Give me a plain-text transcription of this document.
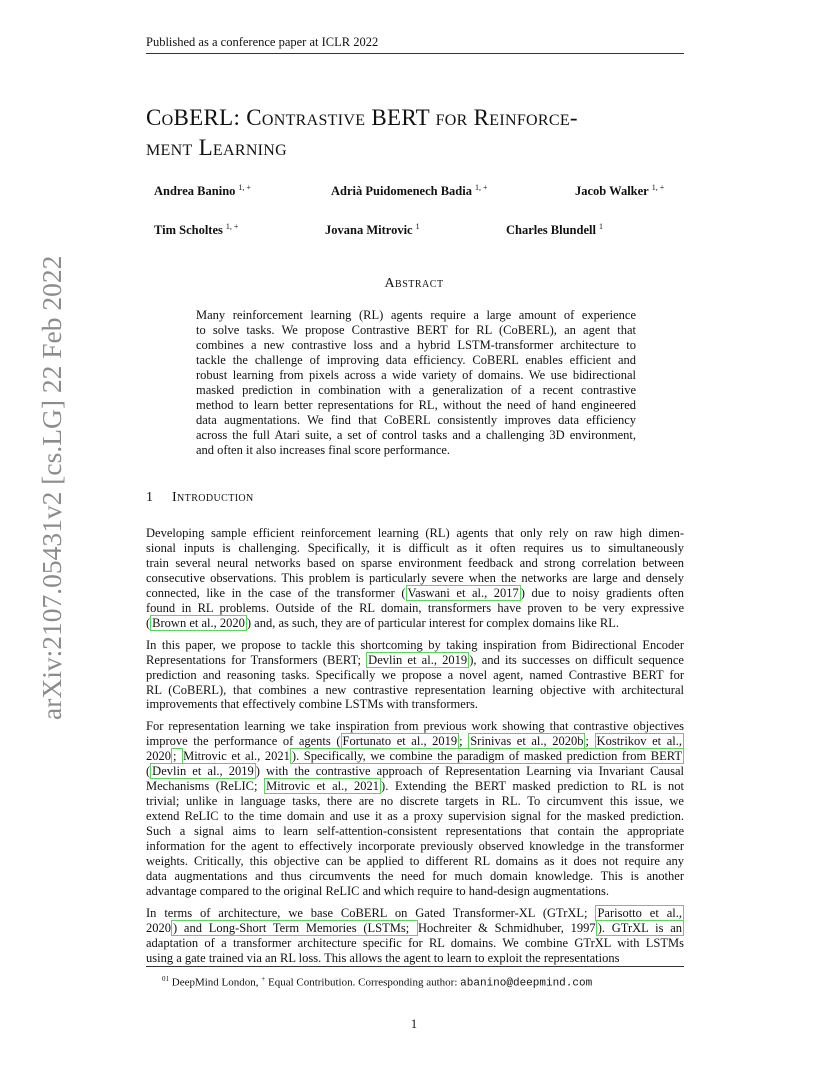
Published as a conference paper at ICLR 2022
arXiv:2107.05431v2 [cs.LG] 22 Feb 2022
CoBERL: Contrastive BERT for Reinforce-
ment Learning
Andrea Banino $^{1, +}$	Adrià Puidomenech Badia $^{1, +}$	Jacob Walker $^{1, +}$
Tim Scholtes $^{1, +}$	Jovana Mitrovic $^1$	Charles Blundell $^1$
Abstract
Many reinforcement learning (RL) agents require a large amount of experience
to solve tasks. We propose Contrastive BERT for RL (CoBERL), an agent that
combines a new contrastive loss and a hybrid LSTM-transformer architecture to
tackle the challenge of improving data efficiency. CoBERL enables efficient and
robust learning from pixels across a wide variety of domains. We use bidirectional
masked prediction in combination with a generalization of a recent contrastive
method to learn better representations for RL, without the need of hand engineered
data augmentations. We find that CoBERL consistently improves data efficiency
across the full Atari suite, a set of control tasks and a challenging 3D environment,
and often it also increases final score performance.
1 Introduction

Developing sample efficient reinforcement learning (RL) agents that only rely on raw high dimen-
sional inputs is challenging. Specifically, it is difficult as it often requires us to simultaneously
train several neural networks based on sparse environment feedback and strong correlation between
consecutive observations. This problem is particularly severe when the networks are large and densely
connected, like in the case of the transformer ( Vaswani et al., 2017 ) due to noisy gradients often
found in RL problems. Outside of the RL domain, transformers have proven to be very expressive
( Brown et al., 2020 ) and, as such, they are of particular interest for complex domains like RL.

In this paper, we propose to tackle this shortcoming by taking inspiration from Bidirectional Encoder
Representations for Transformers (BERT; Devlin et al., 2019 ), and its successes on difficult sequence
prediction and reasoning tasks. Specifically we propose a novel agent, named Contrastive BERT for
RL (CoBERL), that combines a new contrastive representation learning objective with architectural
improvements that effectively combine LSTMs with transformers.

For representation learning we take inspiration from previous work showing that contrastive objectives
improve the performance of agents ( Fortunato et al., 2019 ; Srinivas et al., 2020b ; Kostrikov et al.,
2020 ; Mitrovic et al., 2021 ). Specifically, we combine the paradigm of masked prediction from BERT
( Devlin et al., 2019 ) with the contrastive approach of Representation Learning via Invariant Causal
Mechanisms (ReLIC; Mitrovic et al., 2021 ). Extending the BERT masked prediction to RL is not
trivial; unlike in language tasks, there are no discrete targets in RL. To circumvent this issue, we
extend ReLIC to the time domain and use it as a proxy supervision signal for the masked prediction.
Such a signal aims to learn self-attention-consistent representations that contain the appropriate
information for the agent to effectively incorporate previously observed knowledge in the transformer
weights. Critically, this objective can be applied to different RL domains as it does not require any
data augmentations and thus circumvents the need for much domain knowledge. This is another
advantage compared to the original ReLIC and which require to hand-design augmentations.

In terms of architecture, we base CoBERL on Gated Transformer-XL (GTrXL; Parisotto et al.,
2020 ) and Long-Short Term Memories (LSTMs; Hochreiter & Schmidhuber, 1997 ). GTrXL is an
adaptation of a transformer architecture specific for RL domains. We combine GTrXL with LSTMs
using a gate trained via an RL loss. This allows the agent to learn to exploit the representations

$^{01}$ DeepMind London, + Equal Contribution. Corresponding author: abanino@deepmind.com
1
